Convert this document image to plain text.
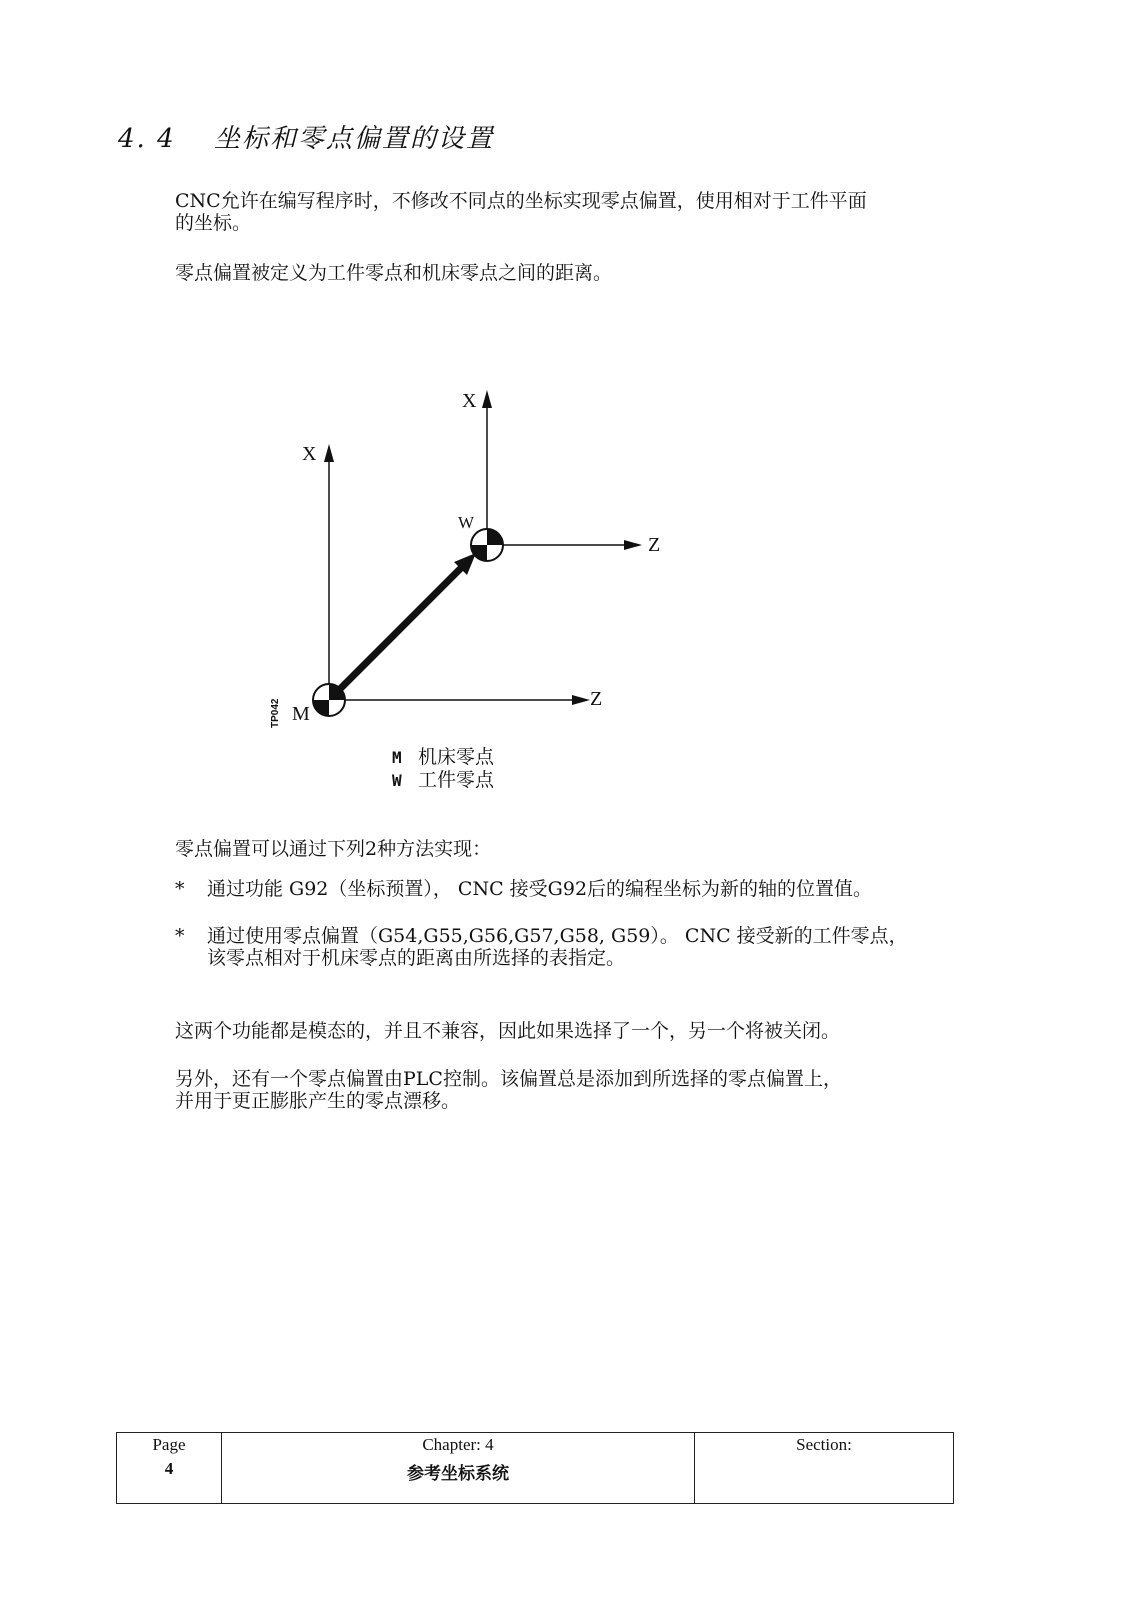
4. 4 坐标和零点偏置的设置
CNC允许在编写程序时，不修改不同点的坐标实现零点偏置，使用相对于工件平面
的坐标。
零点偏置被定义为工件零点和机床零点之间的距离。
X
Z
X
Z
M
W
TP042
M 机床零点
W 工件零点
零点偏置可以通过下列2种方法实现：
* 通过功能 G92（坐标预置）， CNC 接受G92后的编程坐标为新的轴的位置值。
* 通过使用零点偏置（G54,G55,G56,G57,G58, G59）。 CNC 接受新的工件零点，
该零点相对于机床零点的距离由所选择的表指定。
这两个功能都是模态的，并且不兼容，因此如果选择了一个，另一个将被关闭。
另外，还有一个零点偏置由PLC控制。该偏置总是添加到所选择的零点偏置上，
并用于更正膨胀产生的零点漂移。
Page
4

Chapter: 4
参考坐标系统

Section:
